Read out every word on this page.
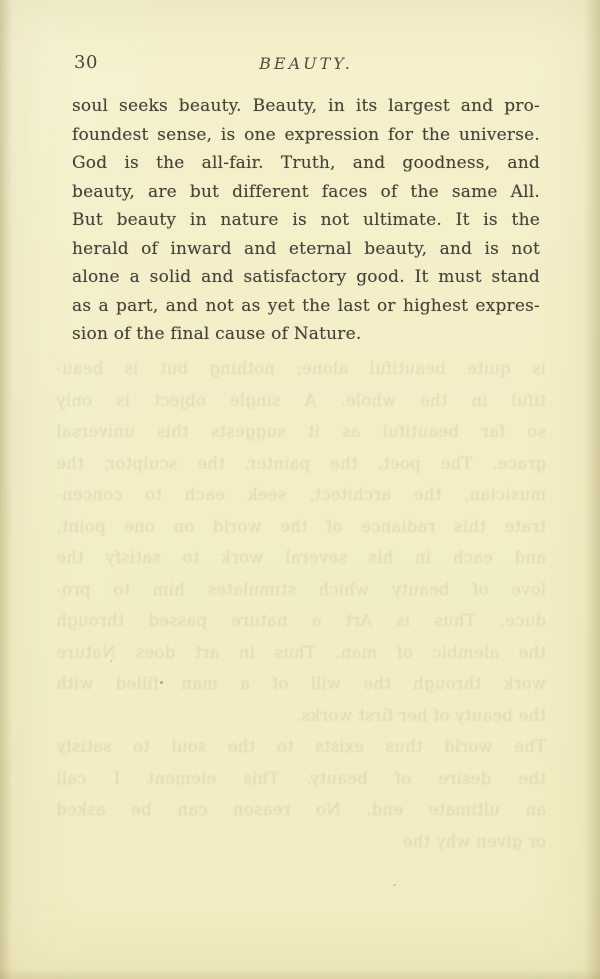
30	BEAUTY.
soul seeks beauty. Beauty, in its largest and pro-
foundest sense, is one expression for the universe.
God is the all-fair. Truth, and goodness, and
beauty, are but different faces of the same All.
But beauty in nature is not ultimate. It is the
herald of inward and eternal beauty, and is not
alone a solid and satisfactory good. It must stand
as a part, and not as yet the last or highest expres-
sion of the final cause of Nature.
is quite beautiful alone; nothing but is beau-
tiful in the whole. A single object is only
so far beautiful as it suggests this universal
grace. The poet, the painter, the sculptor, the
musician, the architect, seek each to concen-
trate this radiance of the world on one point,
and each in his several work to satisfy the
love of beauty which stimulates him to pro-
duce. Thus is Art a nature passed through
the alembic of man. Thus in art does Nature
work through the will of a man filled with
the beauty of her first works.
The world thus exists to the soul to satisfy
the desire of beauty. This element I call
an ultimate end. No reason can be asked
or given why the
